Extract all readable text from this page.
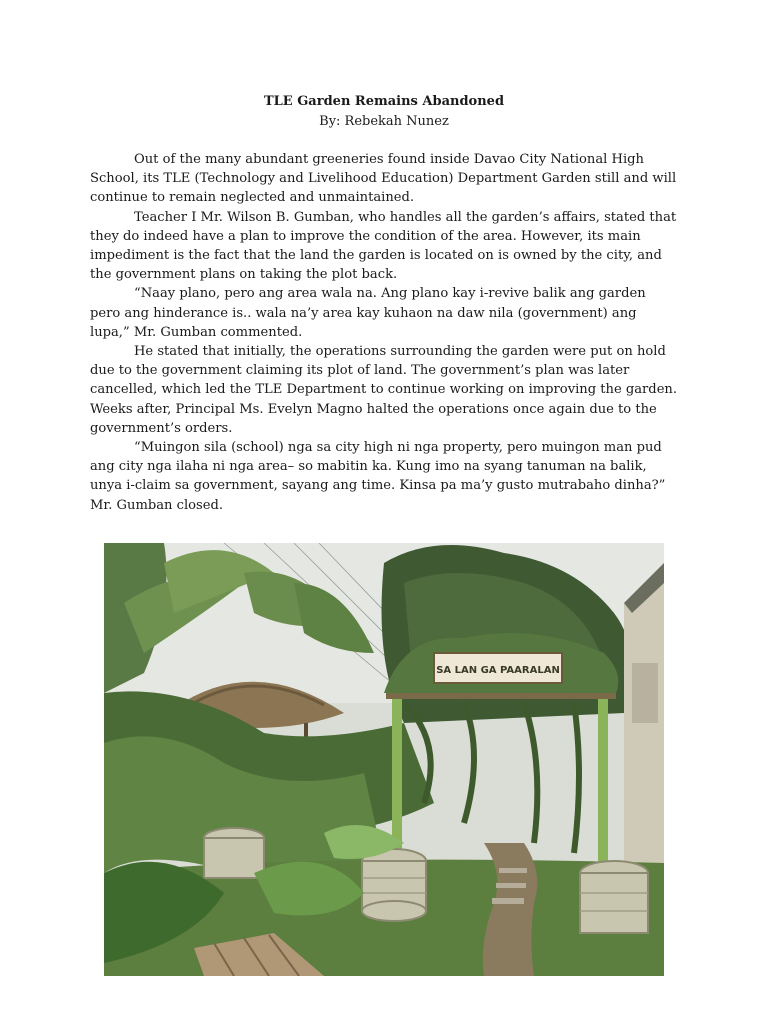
TLE Garden Remains Abandoned
By: Rebekah Nunez

Out of the many abundant greeneries found inside Davao City National High School, its TLE (Technology and Livelihood Education) Department Garden still and will continue to remain neglected and unmaintained.

Teacher I Mr. Wilson B. Gumban, who handles all the garden’s affairs, stated that they do indeed have a plan to improve the condition of the area. However, its main impediment is the fact that the land the garden is located on is owned by the city, and the government plans on taking the plot back.

“Naay plano, pero ang area wala na. Ang plano kay i-revive balik ang garden pero ang hinderance is.. wala na’y area kay kuhaon na daw nila (government) ang lupa,” Mr. Gumban commented.

He stated that initially, the operations surrounding the garden were put on hold due to the government claiming its plot of land. The government’s plan was later cancelled, which led the TLE Department to continue working on improving the garden. Weeks after, Principal Ms. Evelyn Magno halted the operations once again due to the government’s orders.

“Muingon sila (school) nga sa city high ni nga property, pero muingon man pud ang city nga ilaha ni nga area– so mabitin ka. Kung imo na syang tanuman na balik, unya i-claim sa government, sayang ang time. Kinsa pa ma’y gusto mutrabaho dinha?” Mr. Gumban closed.

SA LAN GA PAARALAN
